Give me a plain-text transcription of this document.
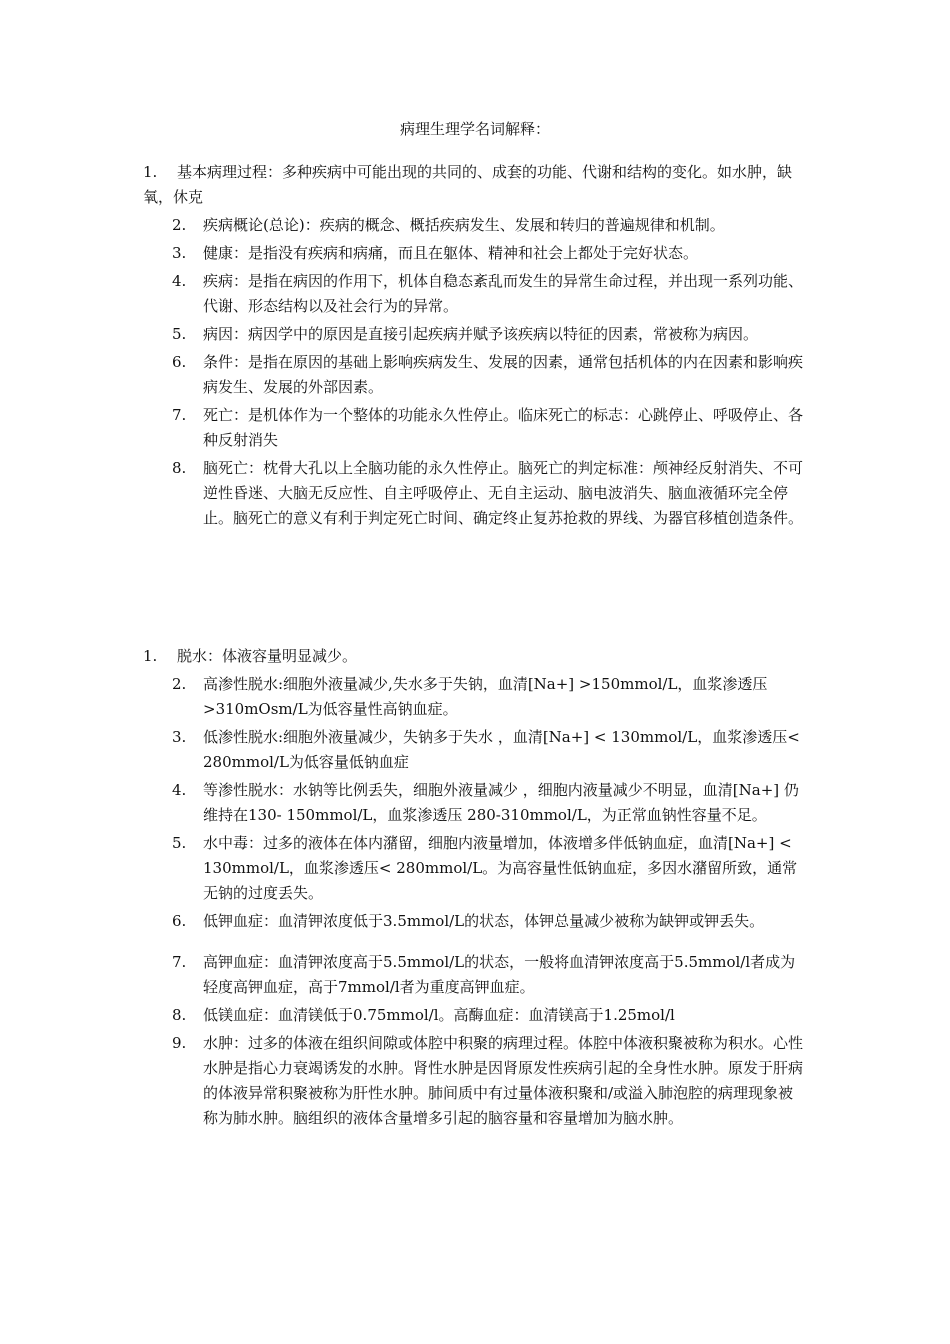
病理生理学名词解释：
1. 基本病理过程：多种疾病中可能出现的共同的、成套的功能、代谢和结构的变化。如水肿，缺氧，休克
2.	疾病概论(总论)：疾病的概念、概括疾病发生、发展和转归的普遍规律和机制。
3.	健康：是指没有疾病和病痛，而且在躯体、精神和社会上都处于完好状态。
4.	疾病：是指在病因的作用下，机体自稳态紊乱而发生的异常生命过程，并出现一系列功能、代谢、形态结构以及社会行为的异常。
5.	病因：病因学中的原因是直接引起疾病并赋予该疾病以特征的因素，常被称为病因。
6.	条件：是指在原因的基础上影响疾病发生、发展的因素，通常包括机体的内在因素和影响疾病发生、发展的外部因素。
7.	死亡：是机体作为一个整体的功能永久性停止。临床死亡的标志：心跳停止、呼吸停止、各种反射消失
8.	脑死亡：枕骨大孔以上全脑功能的永久性停止。脑死亡的判定标准：颅神经反射消失、不可逆性昏迷、大脑无反应性、自主呼吸停止、无自主运动、脑电波消失、脑血液循环完全停止。脑死亡的意义有利于判定死亡时间、确定终止复苏抢救的界线、为器官移植创造条件。
1. 脱水：体液容量明显减少。
2.	高渗性脱水:细胞外液量减少,失水多于失钠，血清[Na+] >150mmol/L，血浆渗透压>310mOsm/L为低容量性高钠血症。
3.	低渗性脱水:细胞外液量减少，失钠多于失水 ，血清[Na+] < 130mmol/L，血浆渗透压< 280mmol/L为低容量低钠血症
4.	等渗性脱水：水钠等比例丢失，细胞外液量减少 ，细胞内液量减少不明显，血清[Na+] 仍维持在130- 150mmol/L，血浆渗透压 280-310mmol/L，为正常血钠性容量不足。
5.	水中毒：过多的液体在体内潴留，细胞内液量增加，体液增多伴低钠血症，血清[Na+] < 130mmol/L，血浆渗透压< 280mmol/L。为高容量性低钠血症，多因水潴留所致，通常无钠的过度丢失。
6.	低钾血症：血清钾浓度低于3.5mmol/L的状态，体钾总量减少被称为缺钾或钾丢失。
7.	高钾血症：血清钾浓度高于5.5mmol/L的状态，一般将血清钾浓度高于5.5mmol/l者成为轻度高钾血症，高于7mmol/l者为重度高钾血症。
8.	低镁血症：血清镁低于0.75mmol/l。高酶血症：血清镁高于1.25mol/l
9.	水肿：过多的体液在组织间隙或体腔中积聚的病理过程。体腔中体液积聚被称为积水。心性水肿是指心力衰竭诱发的水肿。肾性水肿是因肾原发性疾病引起的全身性水肿。原发于肝病的体液异常积聚被称为肝性水肿。肺间质中有过量体液积聚和/或溢入肺泡腔的病理现象被称为肺水肿。脑组织的液体含量增多引起的脑容量和容量增加为脑水肿。
